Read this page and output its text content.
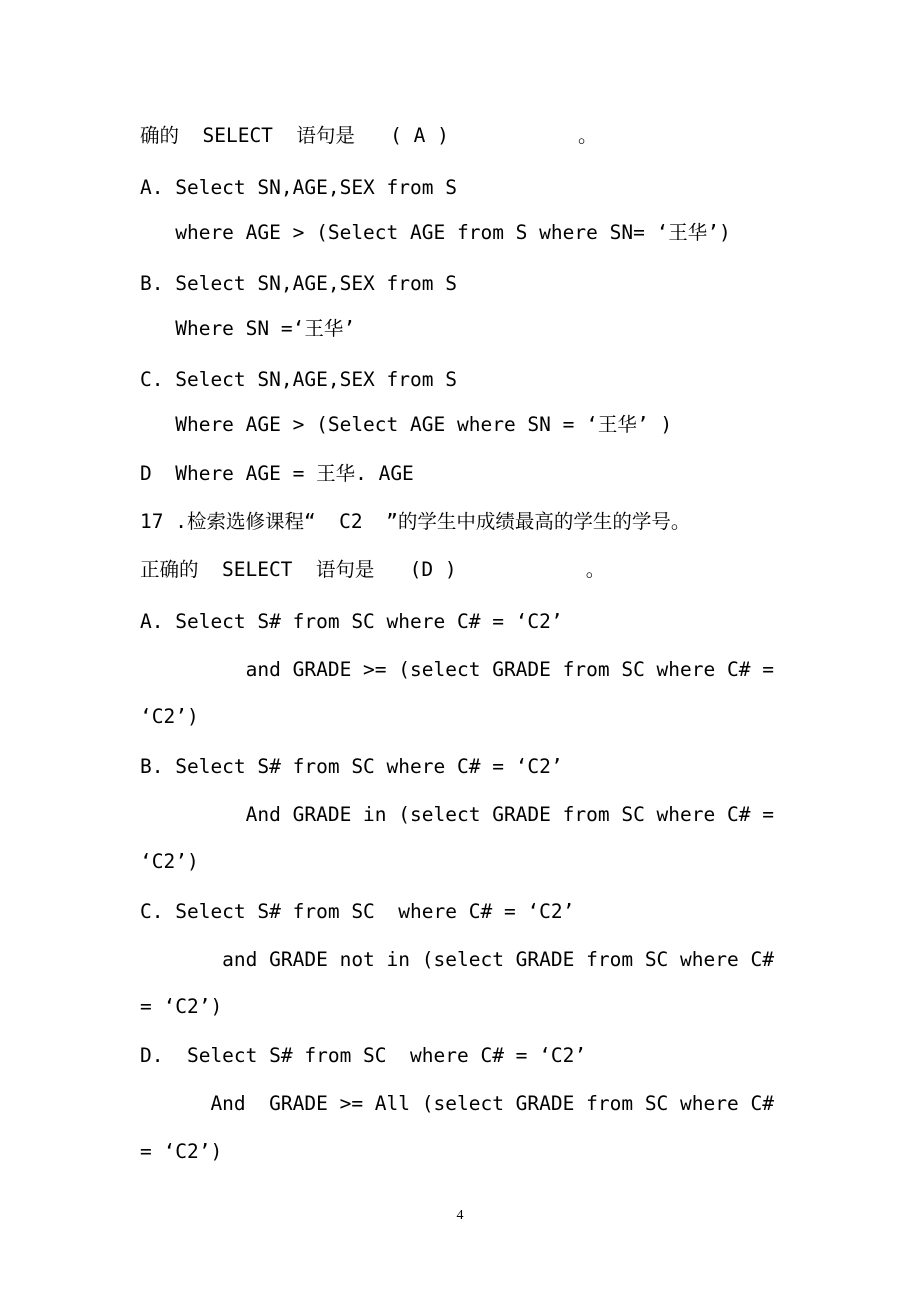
确的  SELECT  语句是   ( A )           。
A. Select SN,AGE,SEX from S
where AGE > (Select AGE from S where SN= ‘王华’)
B. Select SN,AGE,SEX from S
Where SN =‘王华’
C. Select SN,AGE,SEX from S
Where AGE > (Select AGE where SN = ‘王华’ )
D  Where AGE = 王华. AGE
17 .检索选修课程“  C2  ”的学生中成绩最高的学生的学号。
正确的  SELECT  语句是   (D )           。
A. Select S# from SC where C# = ‘C2’
and GRADE >= (select GRADE from SC where C# =
‘C2’)
B. Select S# from SC where C# = ‘C2’
And GRADE in (select GRADE from SC where C# =
‘C2’)
C. Select S# from SC  where C# = ‘C2’
and GRADE not in (select GRADE from SC where C#
= ‘C2’)
D.  Select S# from SC  where C# = ‘C2’
And  GRADE >= All (select GRADE from SC where C#
= ‘C2’)
4
